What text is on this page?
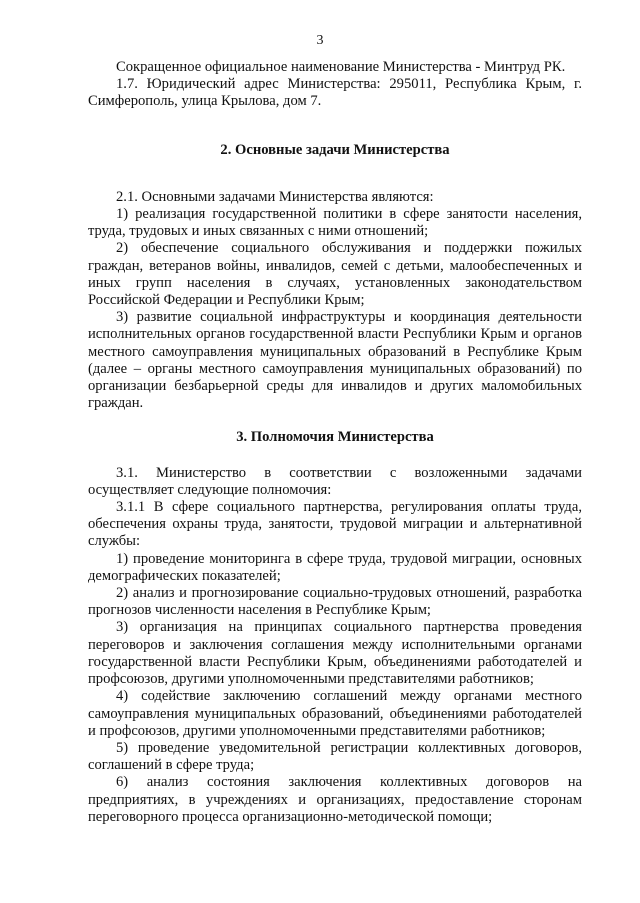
3

Сокращенное официальное наименование Министерства - Минтруд РК.

1.7. Юридический адрес Министерства: 295011, Республика Крым, г. Симферополь, улица Крылова, дом 7.

2. Основные задачи Министерства

2.1. Основными задачами Министерства являются:

1) реализация государственной политики в сфере занятости населения, труда, трудовых и иных связанных с ними отношений;

2) обеспечение социального обслуживания и поддержки пожилых граждан, ветеранов войны, инвалидов, семей с детьми, малообеспеченных и иных групп населения в случаях, установленных законодательством Российской Федерации и Республики Крым;

3) развитие социальной инфраструктуры и координация деятельности исполнительных органов государственной власти Республики Крым и органов местного самоуправления муниципальных образований в Республике Крым (далее – органы местного самоуправления муниципальных образований) по организации безбарьерной среды для инвалидов и других маломобильных граждан.

3. Полномочия Министерства

3.1. Министерство в соответствии с возложенными задачами осуществляет следующие полномочия:

3.1.1 В сфере социального партнерства, регулирования оплаты труда, обеспечения охраны труда, занятости, трудовой миграции и альтернативной службы:

1) проведение мониторинга в сфере труда, трудовой миграции, основных демографических показателей;

2) анализ и прогнозирование социально-трудовых отношений, разработка прогнозов численности населения в Республике Крым;

3) организация на принципах социального партнерства проведения переговоров и заключения соглашения между исполнительными органами государственной власти Республики Крым, объединениями работодателей и профсоюзов, другими уполномоченными представителями работников;

4) содействие заключению соглашений между органами местного самоуправления муниципальных образований, объединениями работодателей и профсоюзов, другими уполномоченными представителями работников;

5) проведение уведомительной регистрации коллективных договоров, соглашений в сфере труда;

6) анализ состояния заключения коллективных договоров на предприятиях, в учреждениях и организациях, предоставление сторонам переговорного процесса организационно-методической помощи;
